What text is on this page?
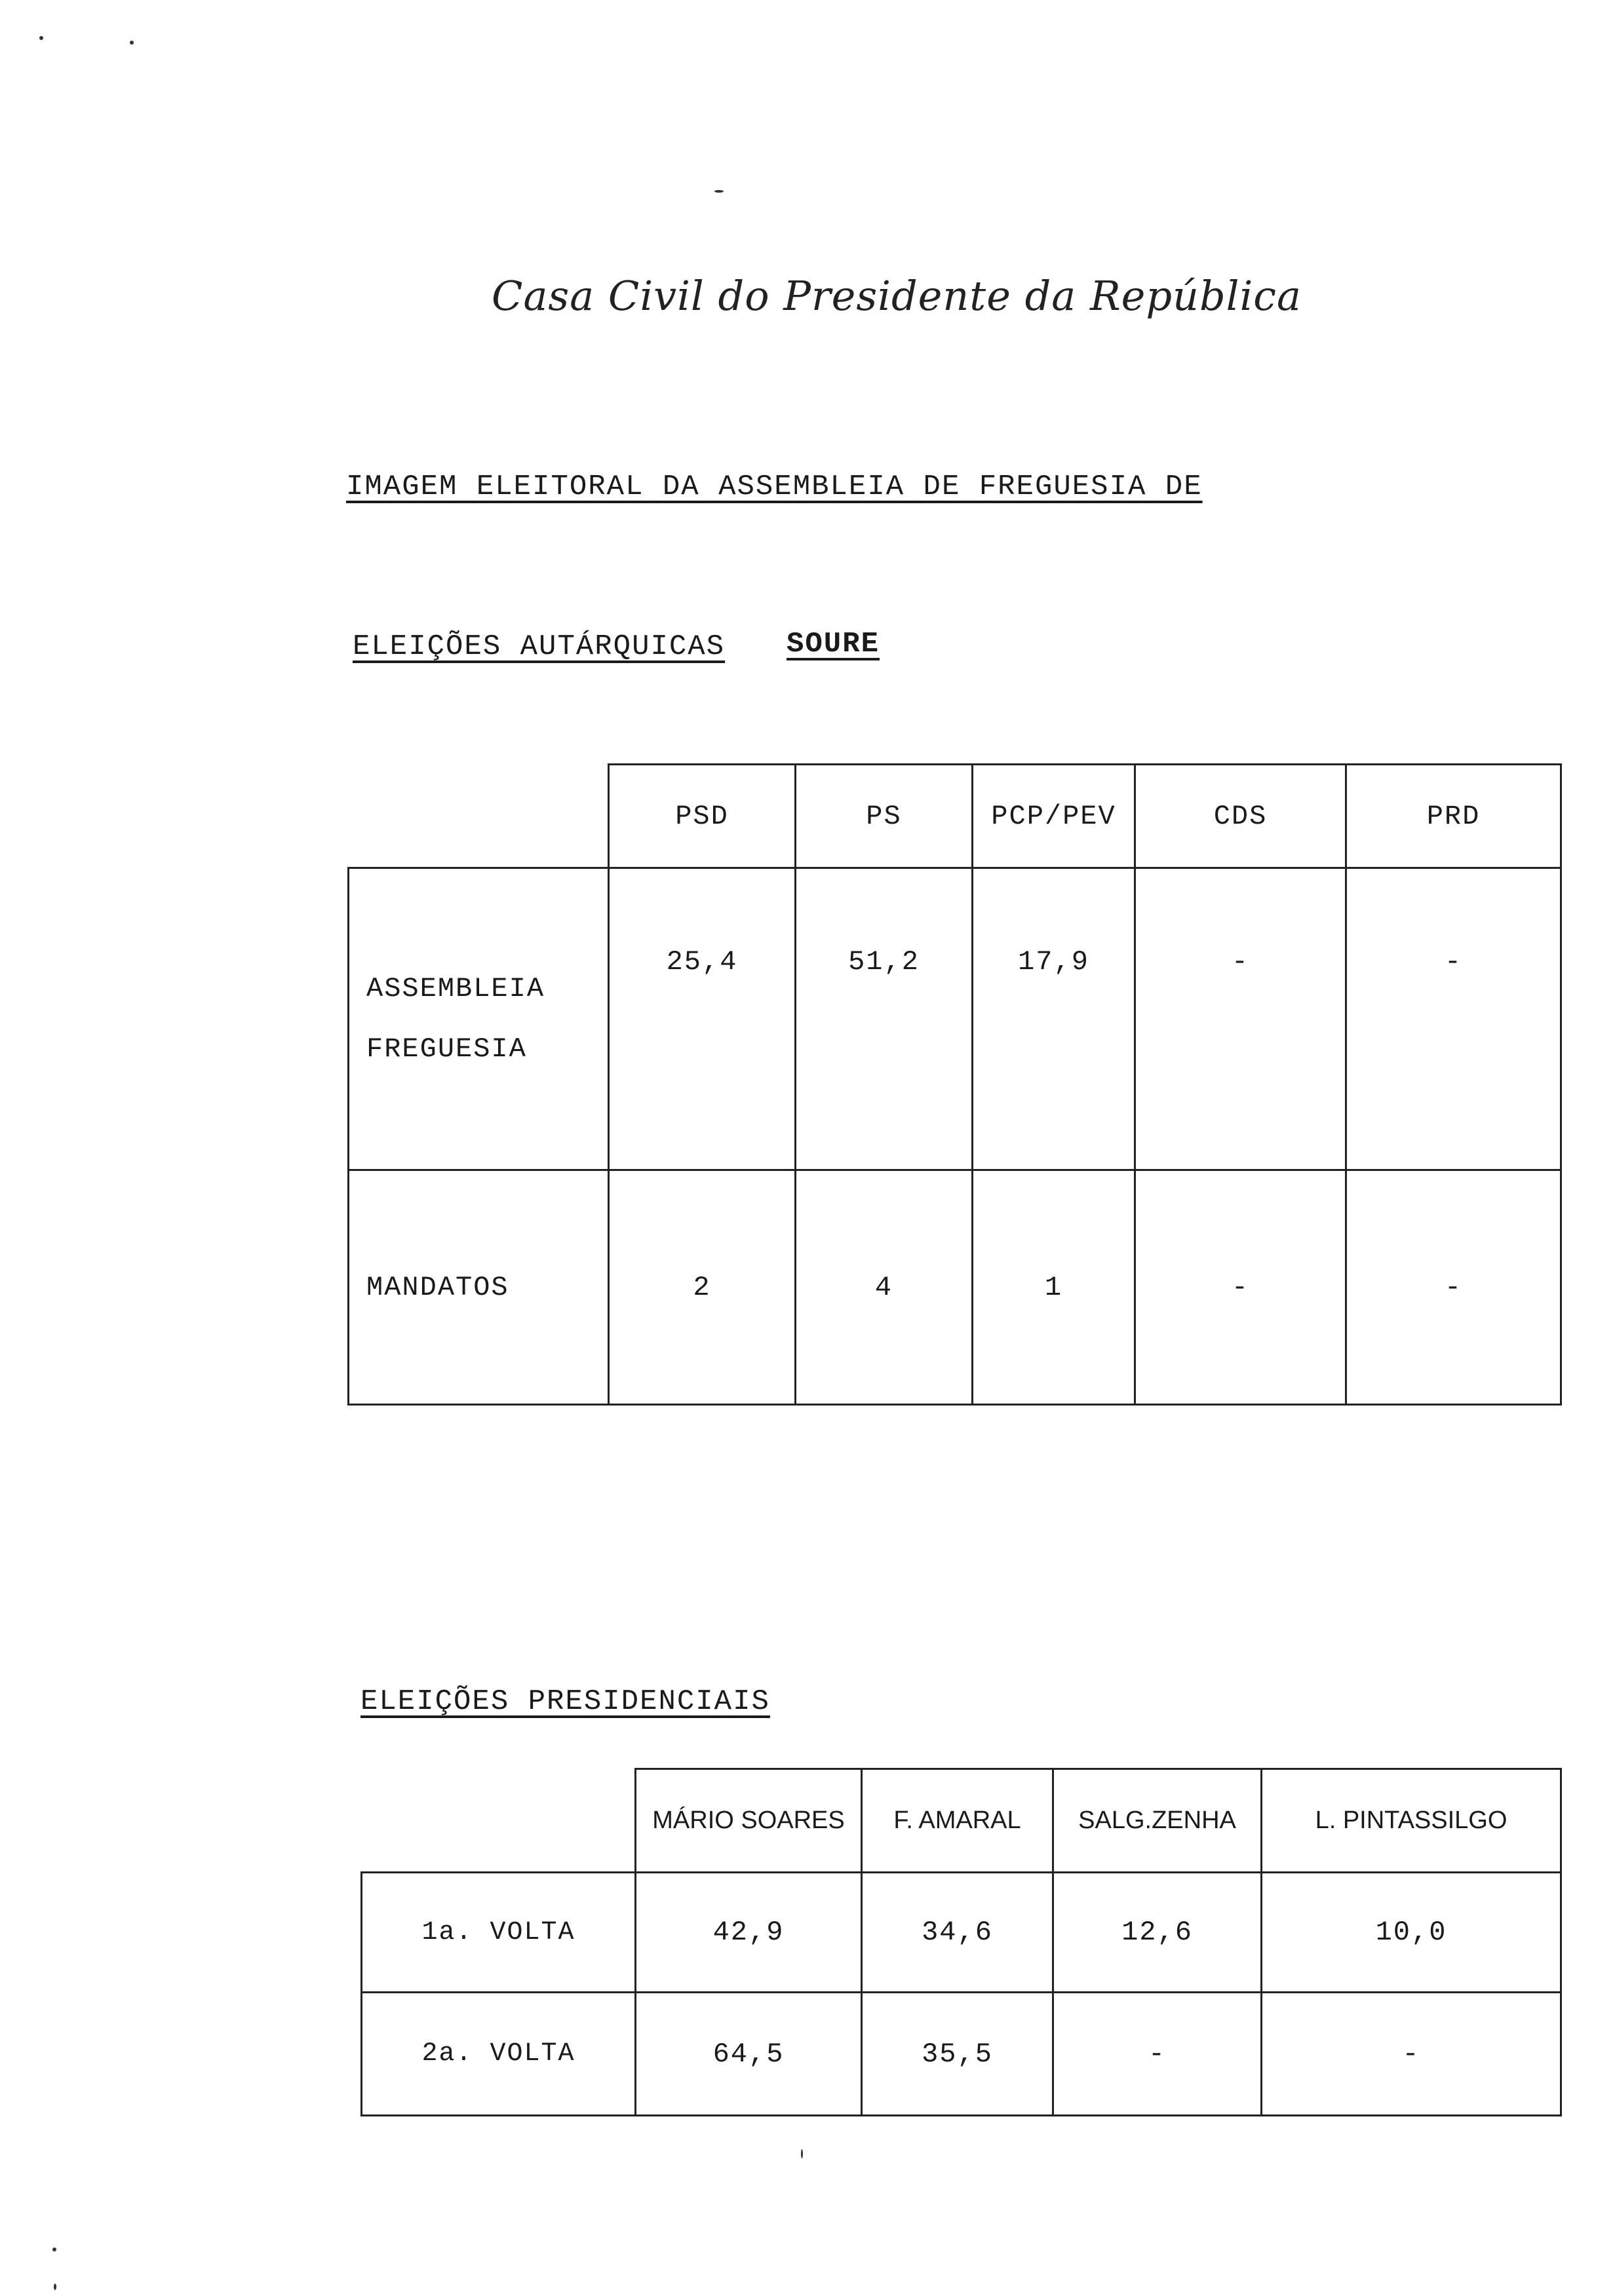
Casa Civil do Presidente da República
IMAGEM ELEITORAL DA ASSEMBLEIA DE FREGUESIA DE
ELEIÇÕES AUTÁRQUICAS SOURE
	PSD	PS	PCP/PEV	CDS	PRD

ASSEMBLEIA
FREGUESIA	25,4	51,2	17,9	-	-
MANDATOS	2	4	1	-	-
ELEIÇÕES PRESIDENCIAIS
	MÁRIO SOARES	F. AMARAL	SALG.ZENHA	L. PINTASSILGO
1a. VOLTA	42,9	34,6	12,6	10,0
2a. VOLTA	64,5	35,5	-	-
